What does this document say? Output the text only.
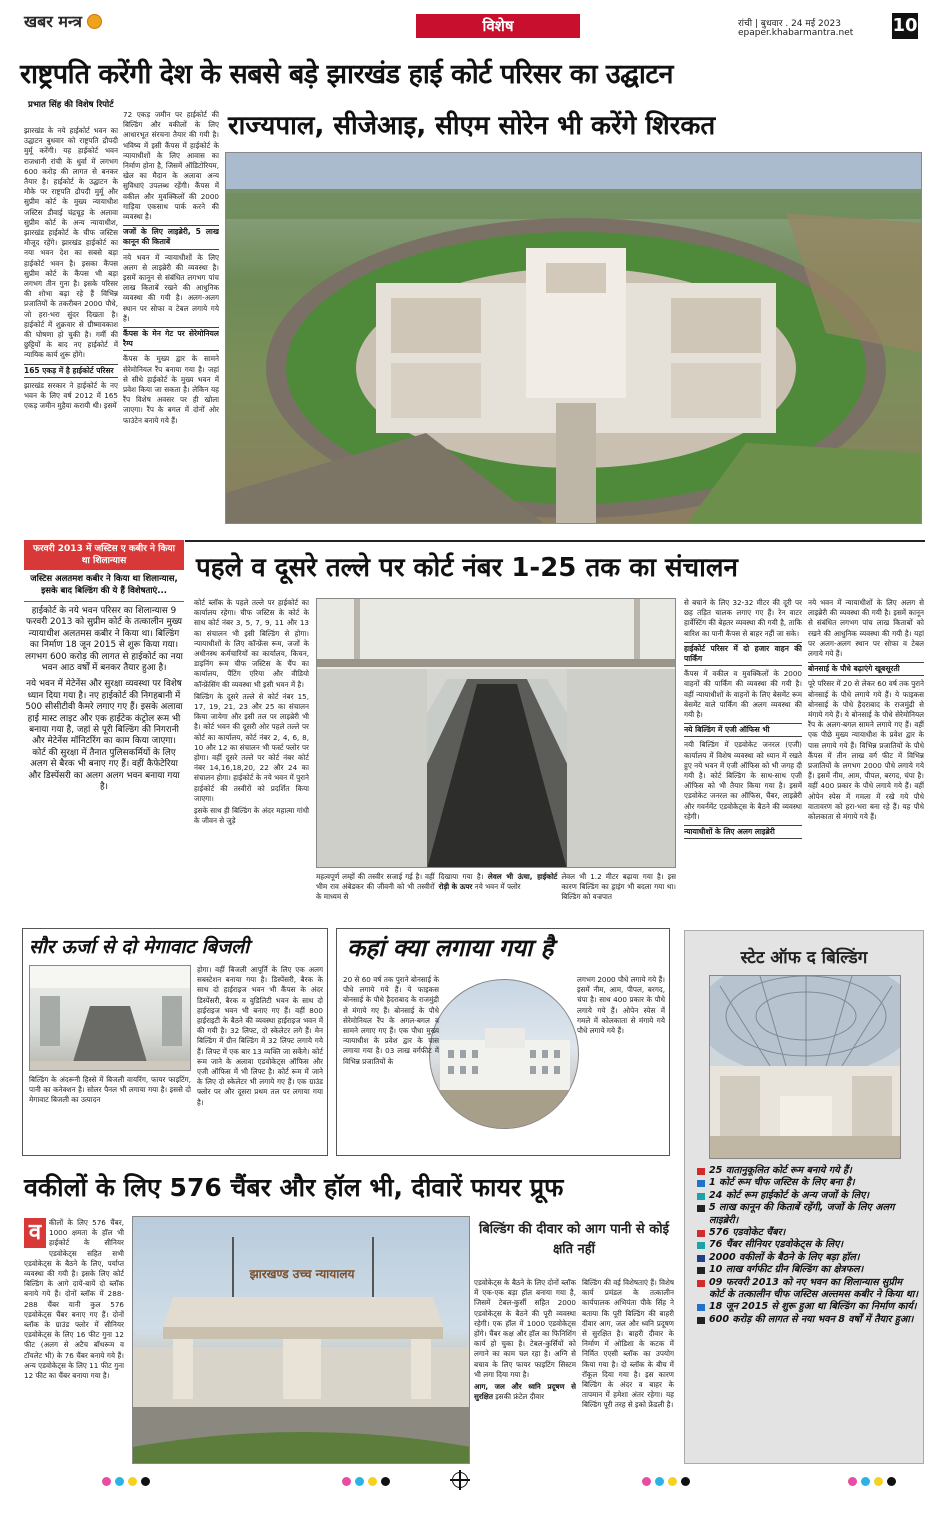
खबर मन्त्र	विशेष	रांची | बुधवार . 24 मई 2023
epaper.khabarmantra.net 10
राष्ट्रपति करेंगी देश के सबसे बड़े झारखंड हाई कोर्ट परिसर का उद्घाटन
राज्यपाल, सीजेआइ, सीएम सोरेन भी करेंगे शिरकत
प्रभात सिंह की विशेष रिपोर्ट

झारखंड के नये हाईकोर्ट भवन का उद्घाटन बुधवार को राष्ट्रपति द्रौपदी मुर्मू करेंगी। यह हाईकोर्ट भवन राजधानी रांची के धुर्वा में लगभग 600 करोड़ की लागत से बनकर तैयार है। हाईकोर्ट के उद्घाटन के मौके पर राष्ट्रपति द्रौपदी मुर्मू और सुप्रीम कोर्ट के मुख्य न्यायाधीश जस्टिस डीवाई चंद्रचूड़ के अलावा सुप्रीम कोर्ट के अन्य न्यायाधीश, झारखंड हाईकोर्ट के चीफ जस्टिस मौजूद रहेंगे। झारखंड हाईकोर्ट का नया भवन देश का सबसे बड़ा हाईकोर्ट भवन है। इसका कैंपस सुप्रीम कोर्ट के कैंपस भी बड़ा लगभग तीन गुना है। इसके परिसर की शोभा बढ़ा रहे हैं विभिन्न प्रजातियों के तकरीबन 2000 पौधे, जो हरा-भरा सुंदर दिखता है। हाईकोर्ट में शुक्रवार से ग्रीष्मावकाश की घोषणा हो चुकी है। गर्मी की छुट्टियों के बाद नए हाईकोर्ट में न्यायिक कार्य शुरू होंगे।

165 एकड़ में है हाईकोर्ट परिसर

झारखंड सरकार ने हाईकोर्ट के नए भवन के लिए वर्ष 2012 में 165 एकड़ जमीन मुहैया करायी थी। इसमें

72 एकड़ जमीन पर हाईकोर्ट की बिल्डिंग और वकीलों के लिए आधारभूत संरचना तैयार की गयी है। भविष्य में इसी कैंपस में हाईकोर्ट के न्यायाधीशों के लिए आवास का निर्माण होना है, जिसमें ऑडिटोरियम, खेल का मैदान के अलावा अन्य सुविधाएं उपलब्ध रहेंगी। कैंपस में वकील और मुवक्किलों की 2000 गाड़िया एकसाथ पार्क करने की व्यवस्था है।

जजों के लिए लाइब्रेरी, 5 लाख कानून की किताबें

नये भवन में न्यायाधीशों के लिए अलग से लाइब्रेरी की व्यवस्था है। इसमें कानून से संबंधित लगभग पांच लाख किताबें रखने की आधुनिक व्यवस्था की गयी है। अलग-अलग स्थान पर सोफा व टेबल लगाये गये हैं।

कैंपस के मेन गेट पर सेरेमोनियल रैम्प

कैंपस के मुख्य द्वार के सामने सेरेमोनियल रैंप बनाया गया है। जहां से सीधे हाईकोर्ट के मुख्य भवन में प्रवेश किया जा सकता है। लेकिन यह रैंप विशेष अवसर पर ही खोला जाएगा। रैंप के बगल में दोनों ओर फाउंटेन बनाये गये हैं।

फरवरी 2013 में जस्टिस ए कबीर ने किया था शिलान्यास
जस्टिस अलतमश कबीर ने किया था शिलान्यास, इसके बाद बिल्डिंग की ये हैं विशेषताएं...

हाईकोर्ट के नये भवन परिसर का शिलान्यास 9 फरवरी 2013 को सुप्रीम कोर्ट के तत्कालीन मुख्य न्यायाधीश अलतमस कबीर ने किया था। बिल्डिंग का निर्माण 18 जून 2015 से शुरू किया गया। लगभग 600 करोड़ की लागत से हाईकोर्ट का नया भवन आठ वर्षों में बनकर तैयार हुआ है।

नये भवन में मेटेनेंस और सुरक्षा व्यवस्था पर विशेष ध्यान दिया गया है। नए हाईकोर्ट की निगहबानी में 500 सीसीटीवी कैमरे लगाए गए हैं। इसके अलावा हाई मास्ट लाइट और एक हाईटेक कंट्रोल रूम भी बनाया गया है, जहां से पूरी बिल्डिंग की निगरानी और मेटेनेंस मॉनिटरिंग का काम किया जाएगा। कोर्ट की सुरक्षा में तैनात पुलिसकर्मियों के लिए अलग से बैरक भी बनाए गए हैं। वहीं कैफेटेरिया और डिस्पेंसरी का अलग अलग भवन बनाया गया है।

पहले व दूसरे तल्ले पर कोर्ट नंबर 1-25 तक का संचालन

कोर्ट ब्लॉक के पहले तल्ले पर हाईकोर्ट का कार्यालय रहेगा। चीफ जस्टिस के कोर्ट के साथ कोर्ट नंबर 3, 5, 7, 9, 11 और 13 का संचालन भी इसी बिल्डिंग से होगा। न्यायाधीशों के लिए कॉन्फ्रेंस रूम, जजों के अधीनस्थ कर्मचारियों का कार्यालय, किचन, डाइनिंग रूम चीफ जस्टिस के चैंप का कार्यालय, पैंटिंग एरिया और वीडियो कॉन्फ्रेंसिंग की व्यवस्था भी इसी भवन में है।

बिल्डिंग के दूसरे तल्ले से कोर्ट नंबर 15, 17, 19, 21, 23 और 25 का संचालन किया जायेगा और इसी तल पर लाइब्रेरी भी है। कोर्ट भवन की दूसरी ओर पहले तल्ले पर कोर्ट का कार्यालय, कोर्ट नंबर 2, 4, 6, 8, 10 और 12 का संचालन भी फर्स्ट फ्लोर पर होगा। वहीं दूसरे तल्ले पर कोर्ट नंबर कोर्ट नंबर 14,16,18,20, 22 और 24 का संचालन होगा। हाईकोर्ट के नये भवन में पुराने हाईकोर्ट की तस्वीरों को प्रदर्शित किया जाएगा।

इसके साथ ही बिल्डिंग के अंदर महात्मा गांधी के जीवन से जुड़े

महत्वपूर्ण लम्हों की तस्वीर सजाई गई है। वहीं भीम राव अंबेडकर की जीवनी को भी तस्वीरों के माध्यम से
दिखाया गया है। लेवल भी ऊंचा, हाईकोर्ट रोड़ी के ऊपर नये भवन में फ्लोर
लेवल भी 1.2 मीटर बढ़ाया गया है। इस कारण बिल्डिंग का ड्राइंग भी बदला गया था। बिल्डिंग को वज्रपात

से बचाने के लिए 32-32 मीटर की दूरी पर छह तड़ित चालक लगाए गए हैं। रेन वाटर हार्वेस्टिंग की बेहतर व्यवस्था की गयी है, ताकि बारिश का पानी कैंपस से बाहर नहीं जा सके।

हाईकोर्ट परिसर में दो हजार वाहन की पार्किंग

कैंपस में वकील व मुवक्किलों के 2000 वाहनों की पार्किंग की व्यवस्था की गयी है। वहीं न्यायाधीशों के वाहनों के लिए बेसमेंट रूम बेसमेंट वाले पार्किंग की अलग व्यवस्था की गयी है।

नये बिल्डिंग में एजी ऑफिस भी

नयी बिल्डिंग में एडवोकेट जनरल (एजी) कार्यालय में विशेष व्यवस्था को ध्यान में रखते हुए नये भवन में एजी ऑफिस को भी जगह दी गयी है। कोर्ट बिल्डिंग के साथ-साथ एजी ऑफिस को भी तैयार किया गया है। इसमें एडवोकेट जनरल का ऑफिस, चैंबर, लाइब्रेरी और गवर्नमेंट एडवोकेट्स के बैठने की व्यवस्था रहेगी।

न्यायाधीशों के लिए अलग लाइब्रेरी

नये भवन में न्यायाधीशों के लिए अलग से लाइब्रेरी की व्यवस्था की गयी है। इसमें कानून से संबंधित लगभग पांच लाख किताबों को रखने की आधुनिक व्यवस्था की गयी है। यहां पर अलग-अलग स्थान पर सोफा व टेबल लगाये गये हैं।

बोनसाई के पौधे बढ़ाएंगे खूबसूरती

पूरे परिसर में 20 से लेकर 60 वर्ष तक पुराने बोनसाई के पौधे लगाये गये हैं। ये फाइकस बोनसाई के पौधे हैदराबाद के राजमुंद्री से मंगाये गये हैं। ये बोनसाई के पौधे सेरेमोनियल रैंप के अलग-बगल सामने लगाये गए हैं। वहीं एक पीछे मुख्य न्यायाधीश के प्रवेश द्वार के पास लगाये गये हैं। विभिन्न प्रजातियों के पौधे कैंपस में तीन लाख वर्ग फीट में विभिन्न प्रजातियों के लगभग 2000 पौधे लगाये गये हैं। इसमें नीम, आम, पीपल, बरगद, चंपा है। वहीं 400 प्रकार के पौधे लगाये गये हैं। वहीं ओपेन स्पेस में गमला में रखे गये पौधे वातावरण को हरा-भरा बना रहे हैं। यह पौधे कोलकाता से मंगाये गये हैं।

सौर ऊर्जा से दो मेगावाट बिजली
बिल्डिंग के अंदरूनी हिस्से में बिजली वायरिंग, फायर फाइटिंग, पानी का कनेक्शन है। सोलर पैनल भी लगाया गया है। इससे दो मेगावाट बिजली का उत्पादन
होगा। वहीं बिजली आपूर्ति के लिए एक अलग सबस्टेशन बनाया गया है। डिस्पेंसरी, बैरक के साथ दो हाईराइज भवन भी कैंपस के अंदर डिस्पेंसरी, बैरक व वुडिलिटी भवन के साथ दो हाईराइज भवन भी बनाए गए हैं। वहीं 800 हाईराइटी के बैठने की व्यवस्था हाईराइज भवन में की गयी है। 32 लिफ्ट, दो स्केलेटर लगे हैं। मेन बिल्डिंग में ग्रीन बिल्डिंग में 32 लिफ्ट लगाये गये हैं। लिफ्ट में एक बार 13 व्यक्ति जा सकेंगे। कोर्ट रूम जाने के अलावा एडवोकेट्स ऑफिस और एजी ऑफिस में भी लिफ्ट है। कोर्ट रूम में जाने के लिए दो स्केलेटर भी लगाये गए हैं। एक ग्राउंड फ्लोर पर और दूसरा प्रथम तल पर लगाया गया है।
कहां क्या लगाया गया है
20 से 60 वर्ष तक पुराने बोनसाई के पौधे लगाये गये हैं। ये फाइकस बोनसाई के पौधे हैदराबाद के राजमुंद्री से मंगाये गए हैं। बोनसाई के पौधे सेरेमोनियल रैंप के अगल-बगल व सामने लगाए गए हैं। एक पौधा मुख्य न्यायाधीश के प्रवेश द्वार के पास लगाया गया है। 03 लाख वर्गफीट में विभिन्न प्रजातियों के
लगभग 2000 पौधे लगाये गये हैं। इसमें नीम, आम, पीपल, बरगद, चंपा है। साथ 400 प्रकार के पौधे लगाये गये हैं। ओपेन स्पेस में गमले में कोलकाता से मंगाये गये पौधे लगाये गये हैं।
स्टेट ऑफ द बिल्डिंग
25 वातानुकूलित कोर्ट रूम बनाये गये हैं।
1 कोर्ट रूम चीफ जस्टिस के लिए बना है।
24 कोर्ट रूम हाईकोर्ट के अन्य जजों के लिए।
5 लाख कानून की किताबें रहेंगी, जजों के लिए अलग लाइब्रेरी।
576 एडवोकेट चैंबर।
76 चैंबर सीनियर एडवोकेट्स के लिए।
2000 वकीलों के बैठने के लिए बड़ा हॉल।
10 लाख वर्गफीट ग्रीन बिल्डिंग का क्षेत्रफल।
09 फरवरी 2013 को नए भवन का शिलान्यास सुप्रीम कोर्ट के तत्कालीन चीफ जस्टिस अल्तमस कबीर ने किया था।
18 जून 2015 से शुरू हुआ था बिल्डिंग का निर्माण कार्य।
600 करोड़ की लागत से नया भवन 8 वर्षों में तैयार हुआ।
वकीलों के लिए 576 चैंबर और हॉल भी, दीवारें फायर प्रूफ
व	कीलों के लिए 576 चैंबर, 1000 क्षमता के हॉल भी हाईकोर्ट के सीनियर एडवोकेट्स सहित सभी एडवोकेट्स के बैठने के लिए, पर्याप्त व्यवस्था की गयी है। इसके लिए कोर्ट बिल्डिंग के आगे दायें-बायें दो ब्लॉक बनाये गये हैं। दोनों ब्लॉक में 288-288 चैंबर यानी कुल 576 एडवोकेट्स चैंबर बनाए गए हैं। दोनों ब्लॉक के ग्राउंड फ्लोर में सीनियर एडवोकेट्स के लिए 16 फीट गुना 12 फीट (अलग से अटैच बॉथरूम व टॉयलेट भी) के 76 चैंबर बनाये गये हैं। अन्य एडवोकेट्स के लिए 11 फीट गुना 12 फीट का चैंबर बनाया गया है।
झारखण्ड उच्च न्यायालय
बिल्डिंग की दीवार को आग पानी से कोई क्षति नहीं

एडवोकेट्स के बैठने के लिए दोनों ब्लॉक में एक-एक बड़ा हॉल बनाया गया है, जिसमें टेबल-कुर्सी सहित 2000 एडवोकेट्स के बैठने की पूरी व्यवस्था रहेगी। एक हॉल में 1000 एडवोकेट्स होंगे। चैंबर कक्ष और हॉल का फिनिशिंग कार्य हो चुका है। टेबल-कुर्सियों को लगाने का काम चल रहा है। अग्नि से बचाव के लिए फायर फाइटिंग सिस्टम भी लगा दिया गया है।

आग, जल और ध्वनि प्रदूषण से सुरक्षित इसकी फ्रंटेल दीवार
बिल्डिंग की वई विशेषताएं हैं। विशेष कार्य प्रमंडल के तत्कालीन कार्यपालक अभियंता पीके सिंह ने बताया कि पूरी बिल्डिंग की बाहरी दीवार आग, जल और ध्वनि प्रदूषण से सुरक्षित है। बाहरी दीवार के निर्माण में ओडिशा के कटक में निर्मित एएसी ब्लॉक का उपयोग किया गया है। दो ब्लॉक के बीच में रॉकूल दिया गया है। इस कारण बिल्डिंग के अंदर व बाहर के तापमान में हमेशा अंतर रहेगा। यह बिल्डिंग पूरी तरह से इको फ्रेंडली है।
